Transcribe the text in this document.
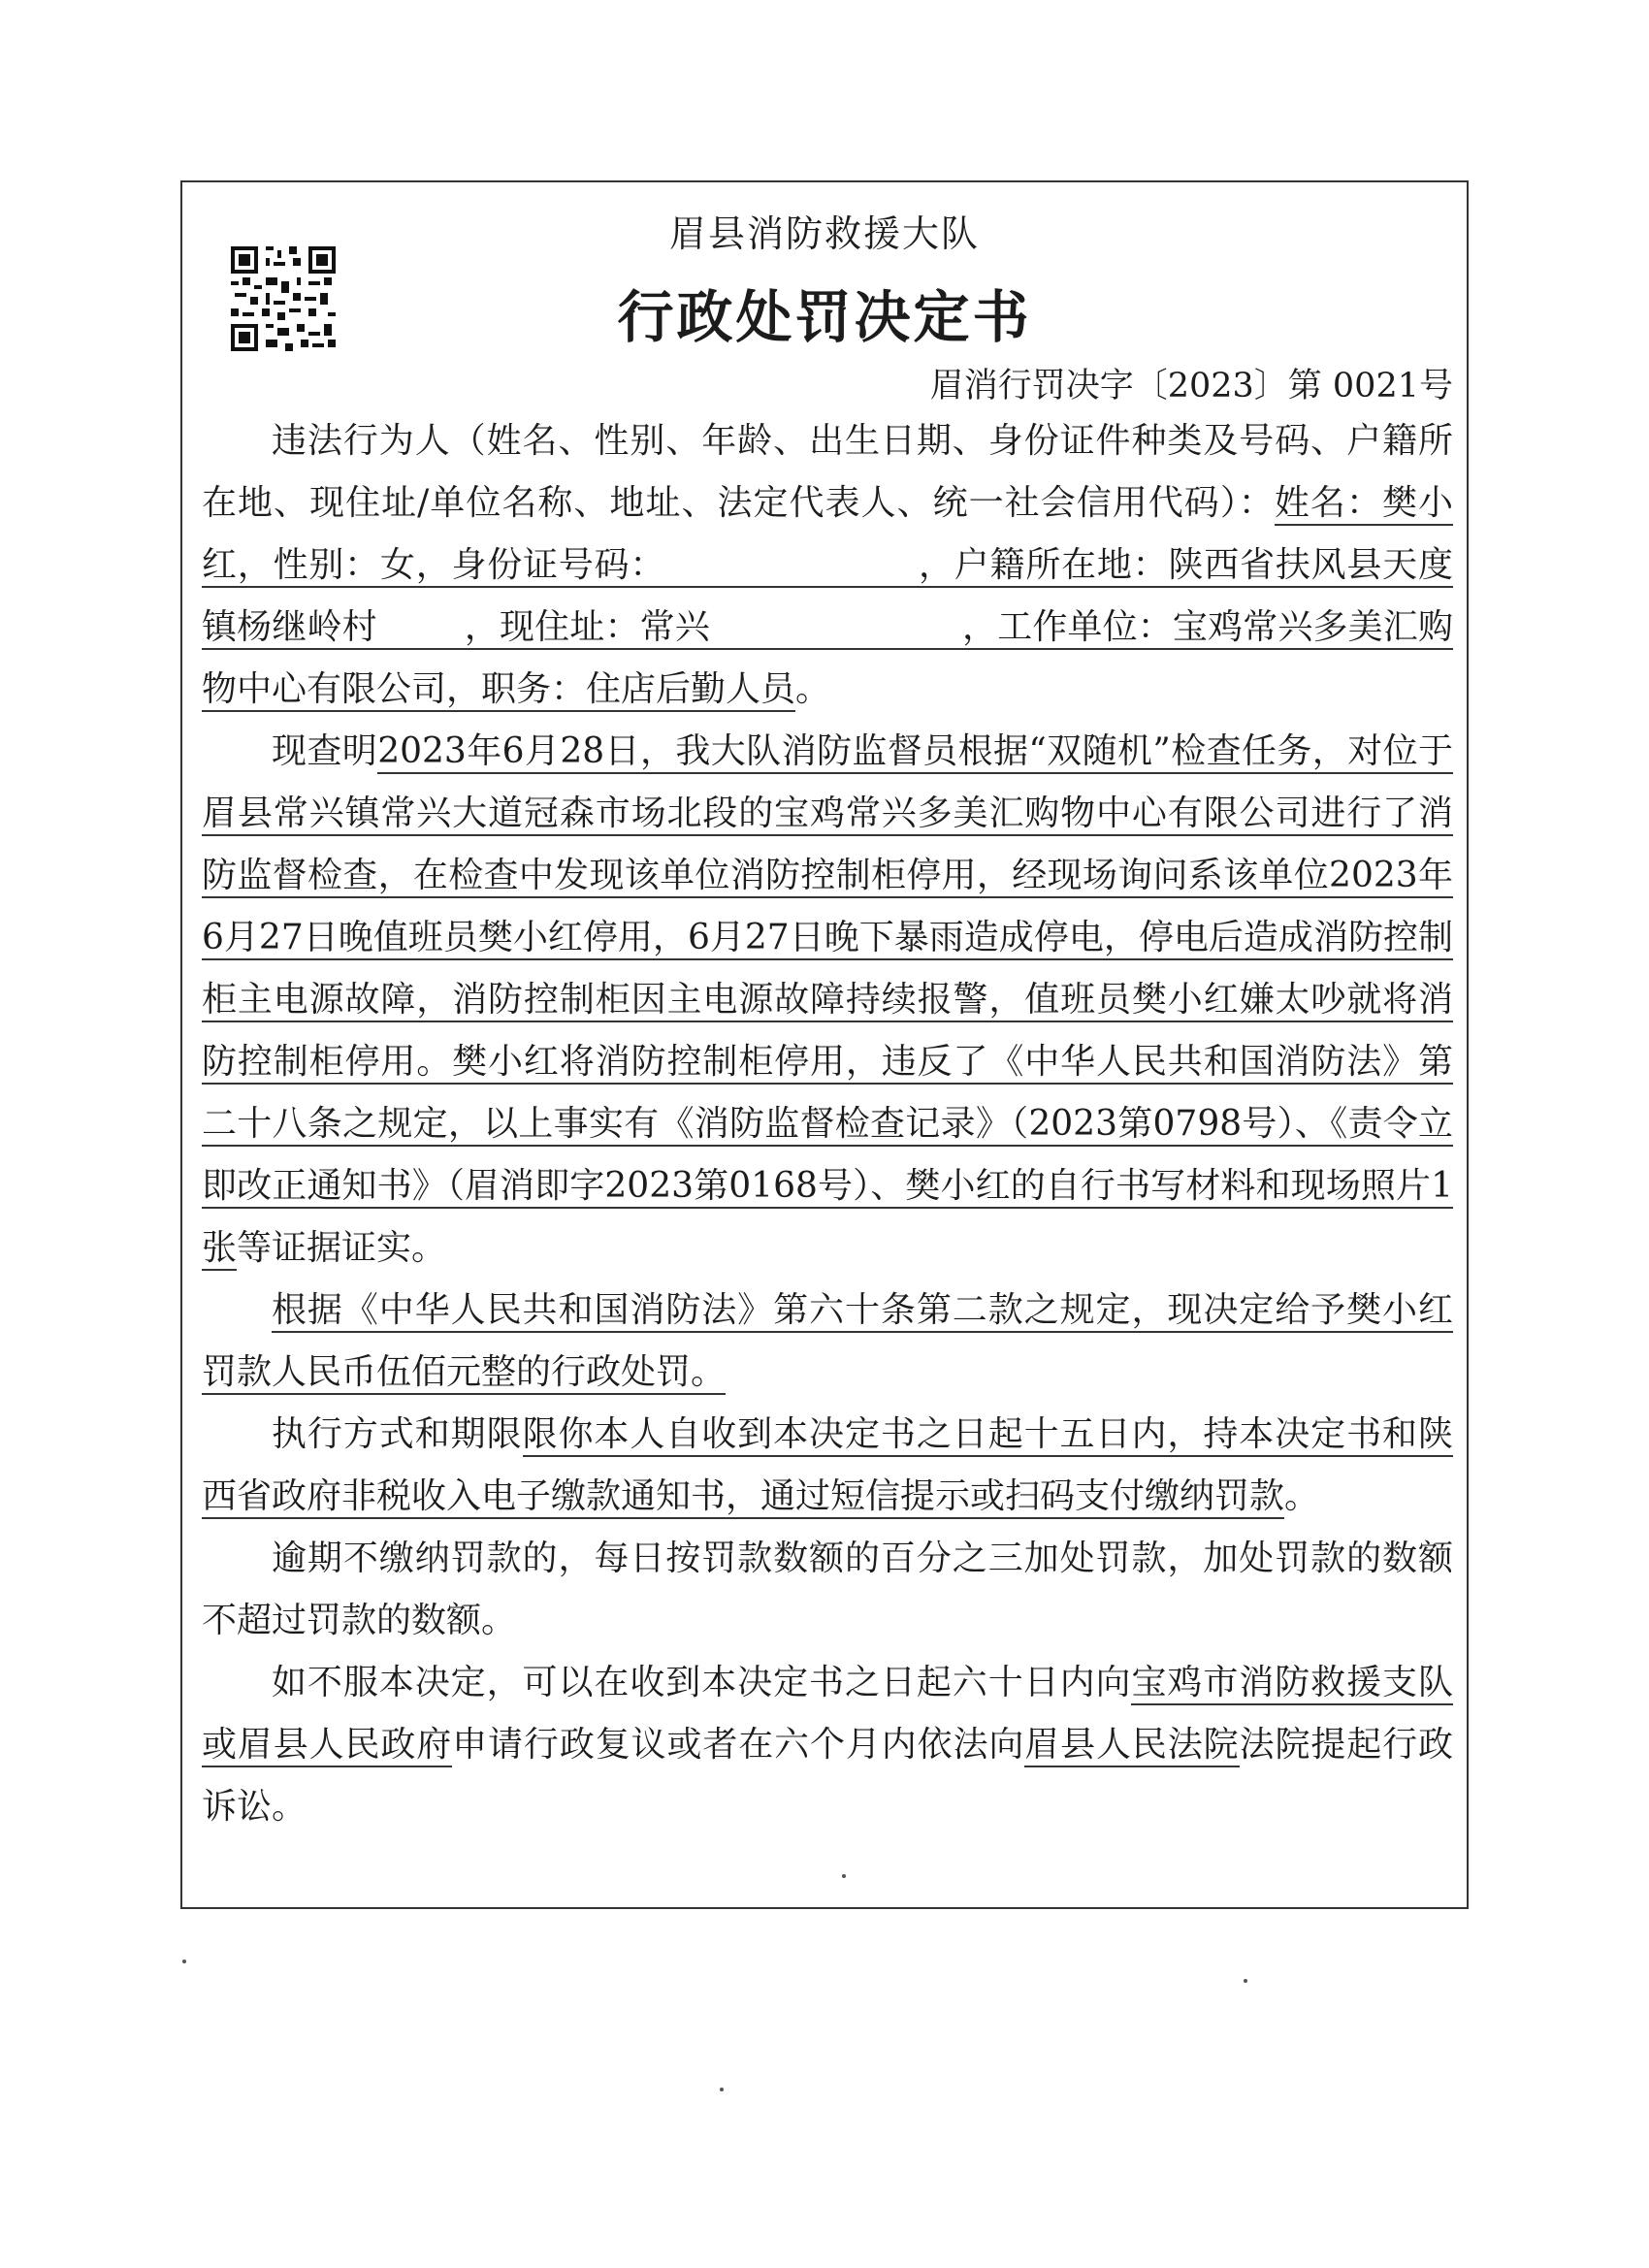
眉县消防救援大队
行政处罚决定书
眉消行罚决字〔2023〕第 0021号

违法行为人（姓名、性别、年龄、出生日期、身份证件种类及号码、户籍所在地、现住址/单位名称、地址、法定代表人、统一社会信用代码）：姓名：樊小红，性别：女，身份证号码：	，户籍所在地：陕西省扶风县天度镇杨继岭村	，现住址：常兴	，工作单位：宝鸡常兴多美汇购物中心有限公司，职务：住店后勤人员。

现查明2023年6月28日，我大队消防监督员根据“双随机”检查任务，对位于眉县常兴镇常兴大道冠森市场北段的宝鸡常兴多美汇购物中心有限公司进行了消防监督检查，在检查中发现该单位消防控制柜停用，经现场询问系该单位2023年6月27日晚值班员樊小红停用，6月27日晚下暴雨造成停电，停电后造成消防控制柜主电源故障，消防控制柜因主电源故障持续报警，值班员樊小红嫌太吵就将消防控制柜停用。樊小红将消防控制柜停用，违反了《中华人民共和国消防法》第二十八条之规定，以上事实有《消防监督检查记录》（2023第0798号）、《责令立即改正通知书》（眉消即字2023第0168号）、樊小红的自行书写材料和现场照片1张等证据证实。

根据《中华人民共和国消防法》第六十条第二款之规定，现决定给予樊小红罚款人民币伍佰元整的行政处罚。

执行方式和期限限你本人自收到本决定书之日起十五日内，持本决定书和陕西省政府非税收入电子缴款通知书，通过短信提示或扫码支付缴纳罚款。

逾期不缴纳罚款的，每日按罚款数额的百分之三加处罚款，加处罚款的数额不超过罚款的数额。

如不服本决定，可以在收到本决定书之日起六十日内向宝鸡市消防救援支队或眉县人民政府申请行政复议或者在六个月内依法向眉县人民法院法院提起行政诉讼。
